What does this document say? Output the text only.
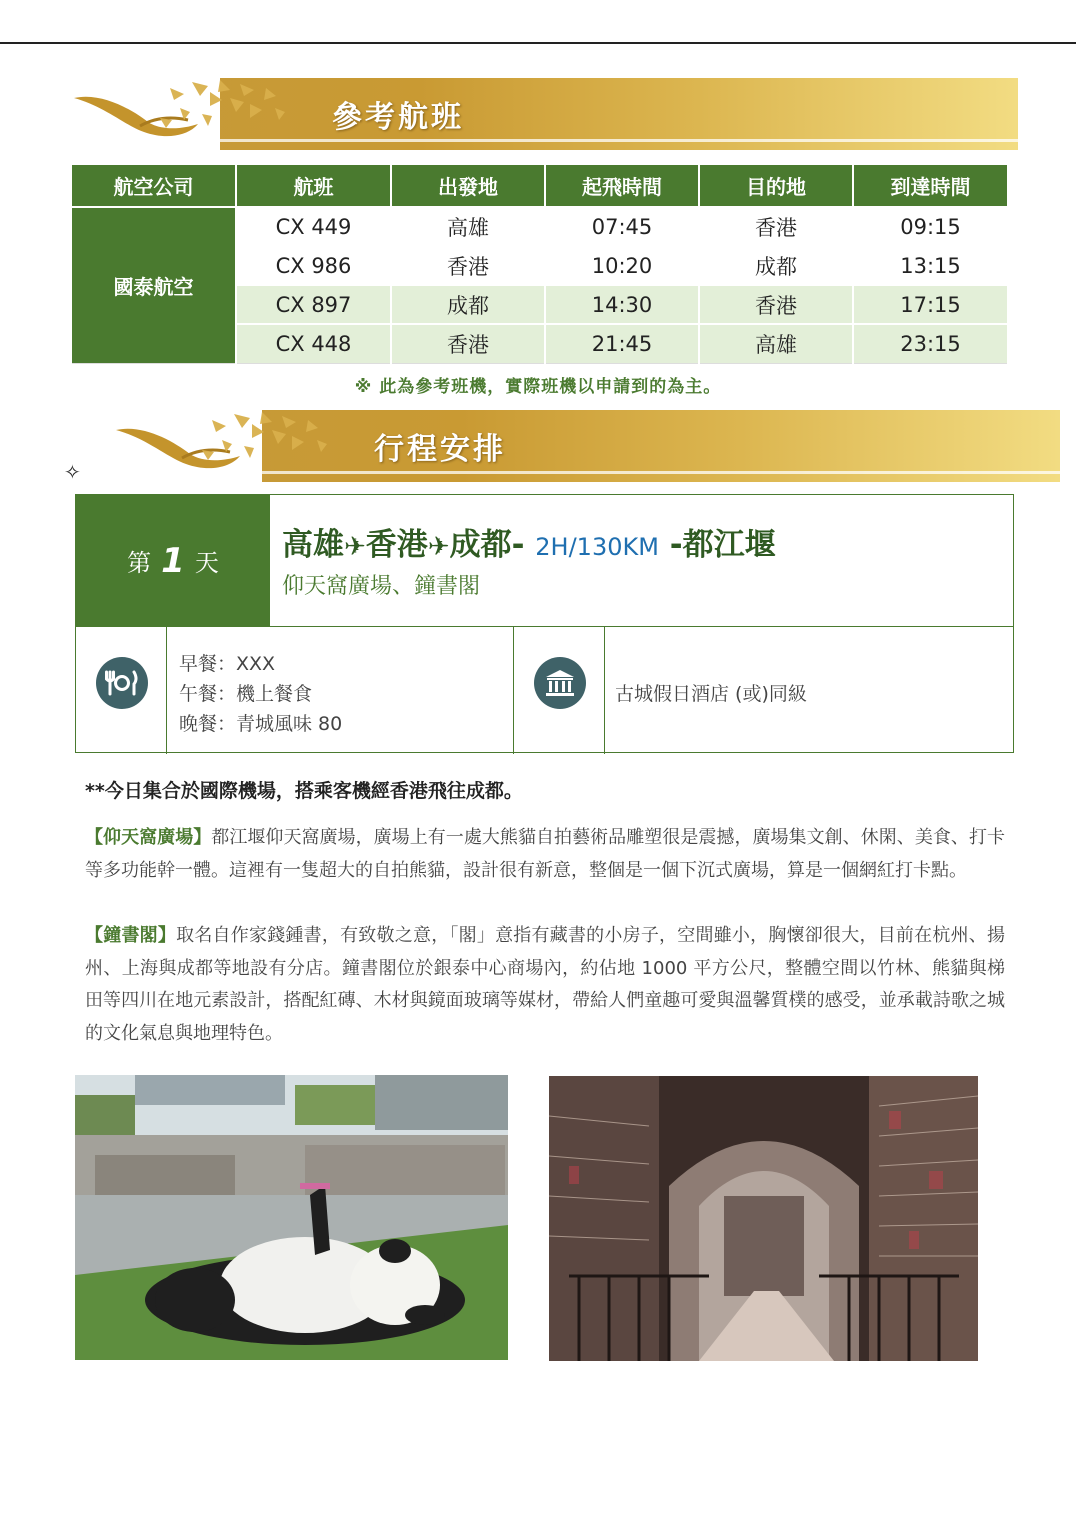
參考航班
航空公司	航班	出發地	起飛時間	目的地	到達時間
國泰航空	CX 449	高雄	07:45	香港	09:15
	CX 986	香港	10:20	成都	13:15
	CX 897	成都	14:30	香港	17:15
	CX 448	香港	21:45	高雄	23:15
※ 此為參考班機，實際班機以申請到的為主。
行程安排
✧
第 1 天 高雄✈香港✈成都- 2H/130KM -都江堰
仰天窩廣場、鐘書閣
早餐：XXX
午餐：機上餐食
晚餐：青城風味 80
古城假日酒店 (或)同級
**今日集合於國際機場，搭乘客機經香港飛往成都。
【仰天窩廣場】都江堰仰天窩廣場，廣場上有一處大熊貓自拍藝術品雕塑很是震撼，廣場集文創、休閑、美食、打卡等多功能幹一體。這裡有一隻超大的自拍熊貓，設計很有新意，整個是一個下沉式廣場，算是一個網紅打卡點。
【鐘書閣】取名自作家錢鍾書，有致敬之意，「閣」意指有藏書的小房子，空間雖小，胸懷卻很大，目前在杭州、揚州、上海與成都等地設有分店。鐘書閣位於銀泰中心商場內，約佔地 1000 平方公尺，整體空間以竹林、熊貓與梯田等四川在地元素設計，搭配紅磚、木材與鏡面玻璃等媒材，帶給人們童趣可愛與溫馨質樸的感受，並承載詩歌之城的文化氣息與地理特色。
